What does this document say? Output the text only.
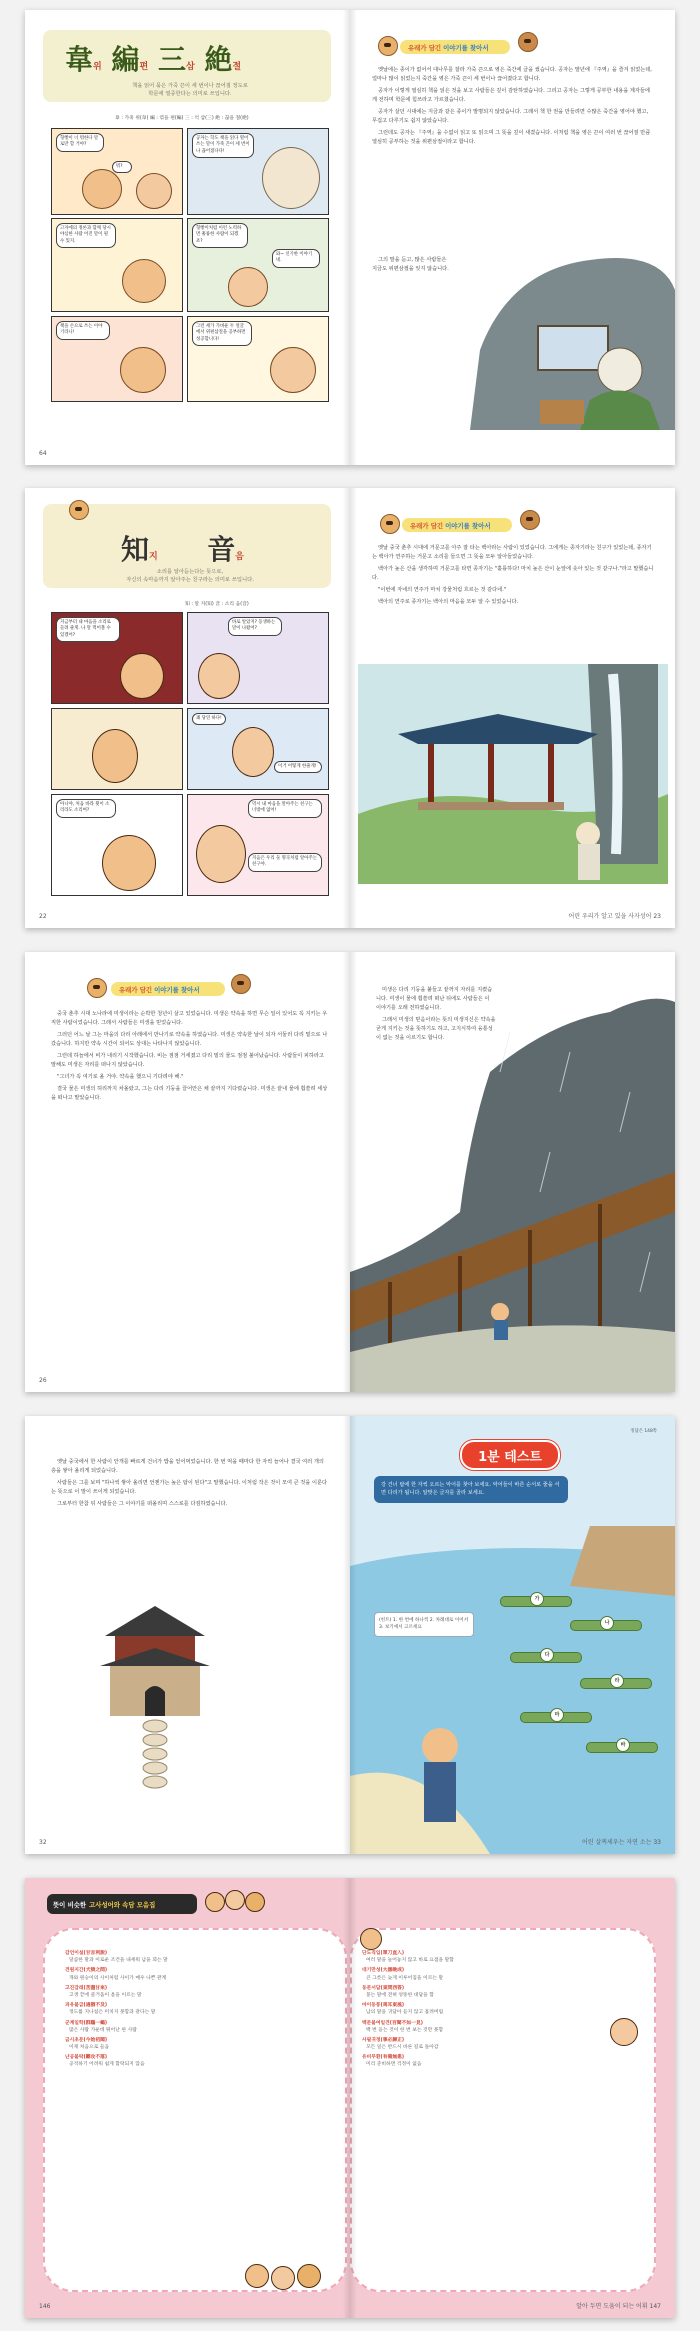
韋위 編편 三삼 絶절
책을 읽어 묶은 가죽 끈이 세 번이나 끊어질 정도로
학문에 열중한다는 의미로 쓰입니다.
韋 : 가죽 위(韋) 編 : 엮을 편(編) 三 : 석 삼(三) 絶 : 끊을 절(絶)
형빵이 너 뭐한다 말로만 할 거야?
뭐?
공자는 학도 책을 읽다 열어 쓰는 말이 가죽 끈이 세 번이나 끊어졌다다!
고자에의 정론과 함께 당시 야심한 사람 어진 말이 될 수 있지.
형빵이처럼 이런 노력하면 훌륭한 사람이 되겠죠?
와~ 신기한 이야기네.
책을 손으로 쓰는 이야기라니!
그런 세가 가벼운 두 얼굴에서 위편삼절을 공부하면 성공합니다!
64
유래가 담긴 이야기를 찾아서

옛날에는 종이가 없어서 대나무를 잘라 가죽 끈으로 엮은 죽간에 글을 썼습니다. 공자는 말년에 『주역』을 즐겨 읽었는데, 얼마나 많이 읽었는지 죽간을 엮은 가죽 끈이 세 번이나 끊어졌다고 합니다.

공자가 이렇게 열심히 책을 읽은 것을 보고 사람들은 깊이 감탄하였습니다. 그리고 공자는 그렇게 공부한 내용을 제자들에게 전하며 학문에 힘쓰라고 가르쳤습니다.

공자가 살던 시대에는 지금과 같은 종이가 발명되지 않았습니다. 그래서 책 한 권을 만들려면 수많은 죽간을 엮어야 했고, 무겁고 다루기도 쉽지 않았습니다.

그런데도 공자는 『주역』을 수없이 읽고 또 읽으며 그 뜻을 깊이 새겼습니다. 이처럼 책을 엮은 끈이 여러 번 끊어질 만큼 열심히 공부하는 것을 위편삼절이라고 합니다.

그의 말을 듣고, 많은 사람들은 지금도 위편삼절을 잊지 않습니다.

知지 音음
소리를 알아듣는다는 뜻으로,
자신의 속마음까지 알아주는 친구라는 의미로 쓰입니다.
知 : 알 지(知) 音 : 소리 음(音)
지금부터 내 마음을 소리로 들려 줄게. 나 말 먹어볼 수 있겠어?
바로 알았지? 동생하는 말이 나왔어?
꽤 당연 하다!
이거 어떻게 한줄게!
아니야, 처음 바라 뭣이 소리라도 소리여?
역시 내 마음을 알아주는 친구는 너밖에 없어!
지음은 우리 둘 명곡처럼 알아주는 친구야.
22
유래가 담긴 이야기를 찾아서

옛날 중국 춘추 시대에 거문고를 아주 잘 타는 백아라는 사람이 있었습니다. 그에게는 종자기라는 친구가 있었는데, 종자기는 백아가 연주하는 거문고 소리를 들으면 그 뜻을 모두 알아들었습니다.

백아가 높은 산을 생각하며 거문고를 타면 종자기는 "훌륭하다! 마치 높은 산이 눈앞에 솟아 있는 것 같구나."라고 말했습니다.

"이번에 자네의 연주가 마치 강물처럼 흐르는 것 같다네."

백아의 연주로 종자기는 백아의 마음을 모두 알 수 있었습니다.

어린 우리가 알고 있을 사자성어 23
유래가 담긴 이야기를 찾아서

중국 춘추 시대 노나라에 미생이라는 순박한 청년이 살고 있었습니다. 미생은 약속을 하면 무슨 일이 있어도 꼭 지키는 우직한 사람이었습니다. 그래서 사람들은 미생을 믿었습니다.

그러던 어느 날 그는 마을의 다리 아래에서 만나기로 약속을 하였습니다. 미생은 약속한 날이 되자 서둘러 다리 밑으로 나갔습니다. 하지만 약속 시간이 되어도 상대는 나타나지 않았습니다.

그런데 하늘에서 비가 내리기 시작했습니다. 비는 점점 거세졌고 다리 밑의 물도 점점 불어났습니다. 사람들이 피하라고 말해도 미생은 자리를 떠나지 않았습니다.

"그녀가 꼭 여기로 올 거야. 약속을 했으니 기다려야 해."

결국 물은 미생의 허리까지 차올랐고, 그는 다리 기둥을 끌어안은 채 끝까지 기다렸습니다. 미생은 끝내 물에 휩쓸려 세상을 떠나고 말았습니다.

26

미생은 다리 기둥을 붙들고 끝까지 자리를 지켰습니다. 미생이 물에 휩쓸려 떠난 뒤에도 사람들은 이 이야기를 오래 전하였습니다.

그래서 미생의 믿음이라는 뜻의 미생지신은 약속을 굳게 지키는 것을 뜻하기도 하고, 고지식하여 융통성이 없는 것을 이르기도 합니다.

옛날 중국에서 한 사람이 안개를 빠르게 건너가 밥을 얻어먹었습니다. 한 번 먹을 때마다 한 자씩 늘어나 결국 여러 개의 층을 쌓아 올리게 되었습니다.

사람들은 그를 보며 "하나씩 쌓아 올리면 언젠가는 높은 탑이 된다"고 말했습니다. 이처럼 작은 것이 모여 큰 것을 이룬다는 뜻으로 이 말이 쓰이게 되었습니다.

그로부터 한참 뒤 사람들은 그 이야기를 떠올리며 스스로를 다짐하였습니다.

32
1분 테스트
정답은 148쪽
강 건너 탑에 한 자씩 오르는 악어를 찾아 보세요. 악어들이 바른 순서로 줄을 서면 다리가 됩니다. 알맞은 글자를 골라 보세요.
가
나
다
라
마
바
(힌트) 1. 한 번에 하나씩 2. 차례대로 이어서 3. 보기에서 고르세요
어린 살찌세우는 자연 소는 33
뜻이 비슷한 고사성어와 속담 모음집
감언이설(甘言利說)
달콤한 말과 이로운 조건을 내세워 남을 꾀는 말
견원지간(犬猿之間)
개와 원숭이의 사이처럼 사이가 매우 나쁜 관계
고진감래(苦盡甘來)
고생 끝에 즐거움이 옴을 이르는 말
과유불급(過猶不及)
정도를 지나침은 미치지 못함과 같다는 말
군계일학(群鷄一鶴)
많은 사람 가운데 뛰어난 한 사람
금시초문(今始初聞)
이제 처음으로 들음
난공불락(難攻不落)
공격하기 어려워 쉽게 함락되지 않음
146
단도직입(單刀直入)
여러 말을 늘어놓지 않고 바로 요점을 말함
대기만성(大器晩成)
큰 그릇은 늦게 이루어짐을 이르는 말
동문서답(東問西答)
묻는 말에 전혀 엉뚱한 대답을 함
마이동풍(馬耳東風)
남의 말을 귀담아 듣지 않고 흘려버림
백문불여일견(百聞不如一見)
백 번 듣는 것이 한 번 보는 것만 못함
사필귀정(事必歸正)
모든 일은 반드시 바른 길로 돌아감
유비무환(有備無患)
미리 준비하면 걱정이 없음
알아 두면 도움이 되는 어휘 147
